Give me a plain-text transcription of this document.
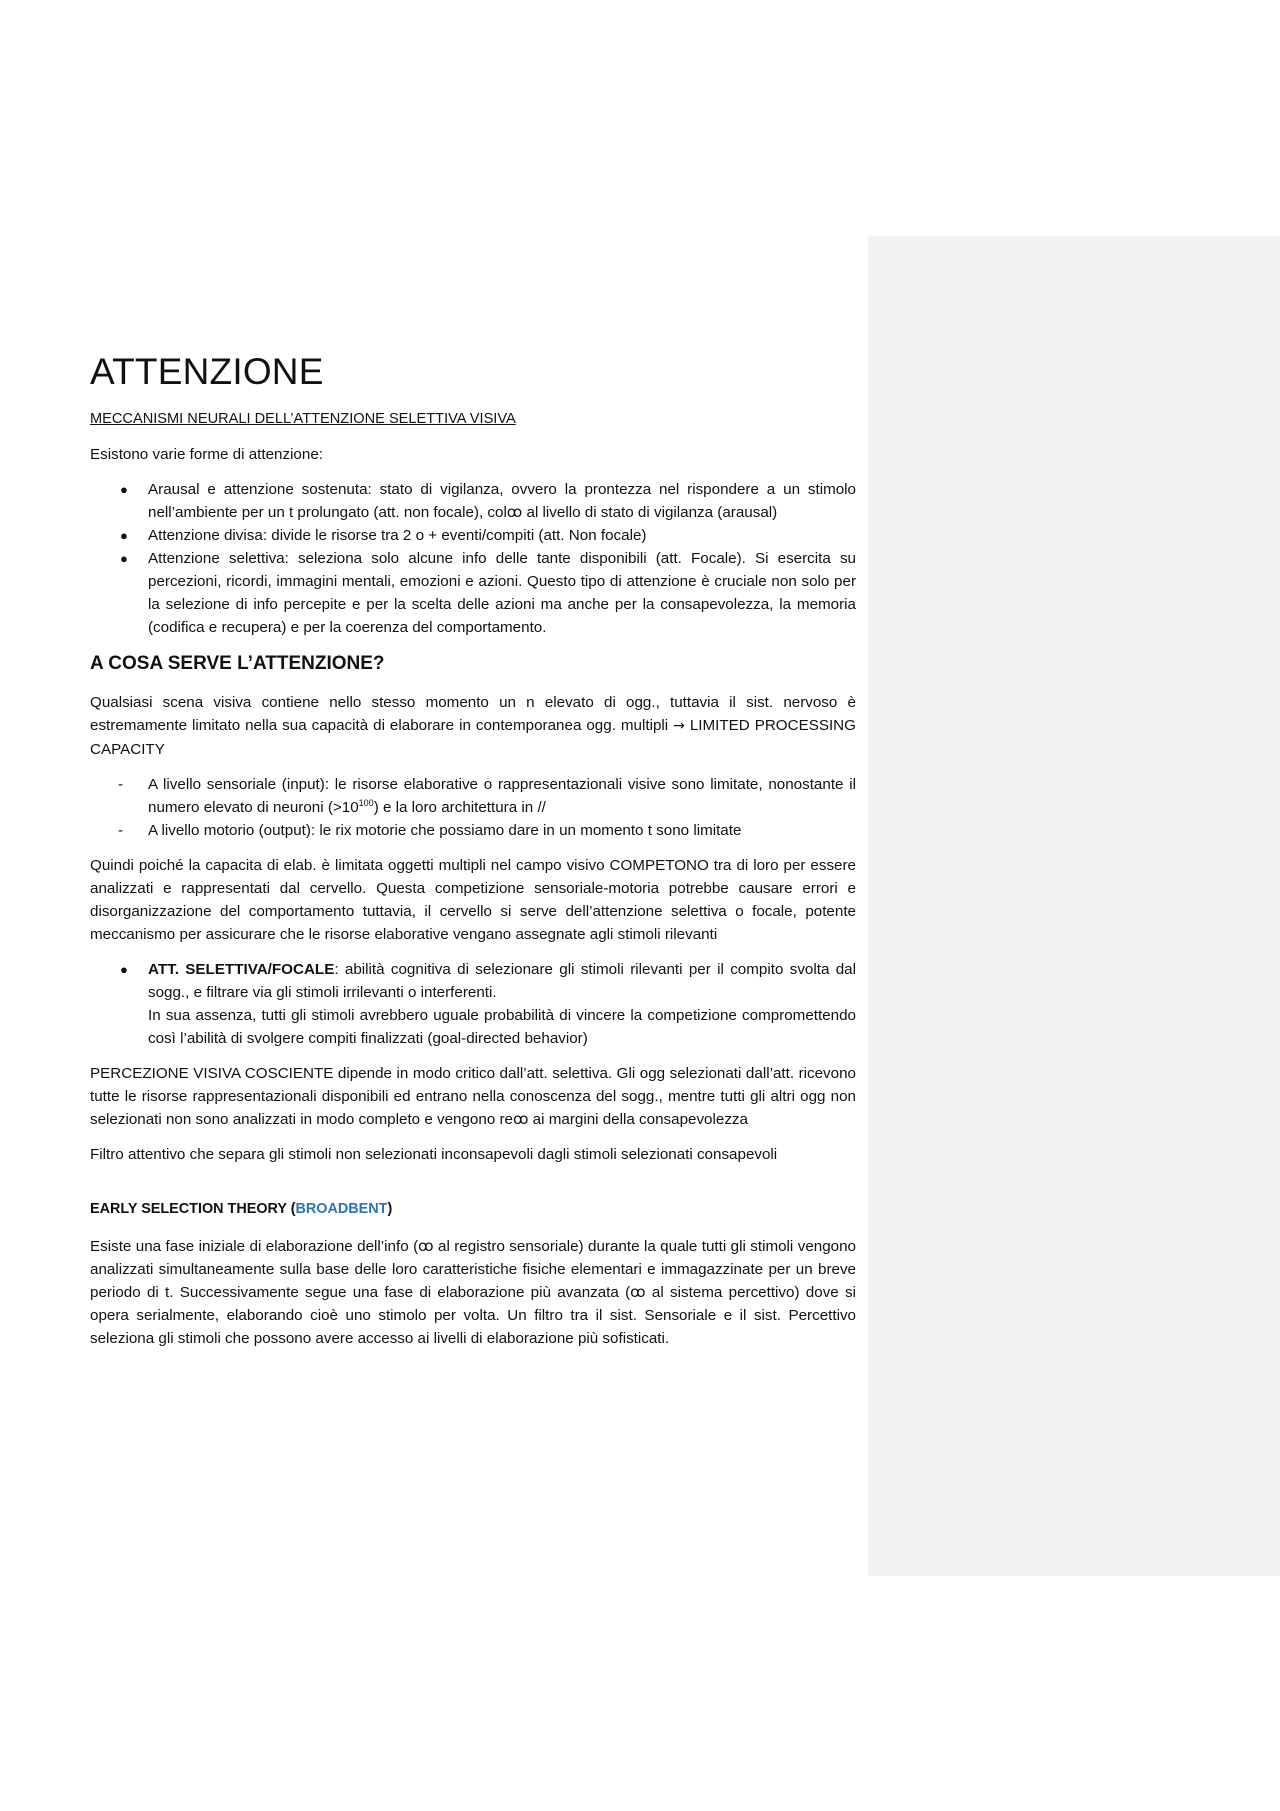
ATTENZIONE
MECCANISMI NEURALI DELL’ATTENZIONE SELETTIVA VISIVA

Esistono varie forme di attenzione:

● Arausal e attenzione sostenuta: stato di vigilanza, ovvero la prontezza nel rispondere a un stimolo nell’ambiente per un t prolungato (att. non focale), colꝏ al livello di stato di vigilanza (arausal)
● Attenzione divisa: divide le risorse tra 2 o + eventi/compiti (att. Non focale)
● Attenzione selettiva: seleziona solo alcune info delle tante disponibili (att. Focale). Si esercita su percezioni, ricordi, immagini mentali, emozioni e azioni. Questo tipo di attenzione è cruciale non solo per la selezione di info percepite e per la scelta delle azioni ma anche per la consapevolezza, la memoria (codifica e recupera) e per la coerenza del comportamento.
A COSA SERVE L’ATTENZIONE?

Qualsiasi scena visiva contiene nello stesso momento un n elevato di ogg., tuttavia il sist. nervoso è estremamente limitato nella sua capacità di elaborare in contemporanea ogg. multipli → LIMITED PROCESSING CAPACITY

- A livello sensoriale (input): le risorse elaborative o rappresentazionali visive sono limitate, nonostante il numero elevato di neuroni $(>10^{100})$ e la loro architettura in //
- A livello motorio (output): le rix motorie che possiamo dare in un momento t sono limitate

Quindi poiché la capacita di elab. è limitata oggetti multipli nel campo visivo COMPETONO tra di loro per essere analizzati e rappresentati dal cervello. Questa competizione sensoriale-motoria potrebbe causare errori e disorganizzazione del comportamento tuttavia, il cervello si serve dell’attenzione selettiva o focale, potente meccanismo per assicurare che le risorse elaborative vengano assegnate agli stimoli rilevanti

● ATT. SELETTIVA/FOCALE: abilità cognitiva di selezionare gli stimoli rilevanti per il compito svolta dal sogg., e filtrare via gli stimoli irrilevanti o interferenti.
In sua assenza, tutti gli stimoli avrebbero uguale probabilità di vincere la competizione compromettendo così l’abilità di svolgere compiti finalizzati (goal-directed behavior)

PERCEZIONE VISIVA COSCIENTE dipende in modo critico dall’att. selettiva. Gli ogg selezionati dall’att. ricevono tutte le risorse rappresentazionali disponibili ed entrano nella conoscenza del sogg., mentre tutti gli altri ogg non selezionati non sono analizzati in modo completo e vengono reꝏ ai margini della consapevolezza

Filtro attentivo che separa gli stimoli non selezionati inconsapevoli dagli stimoli selezionati consapevoli

EARLY SELECTION THEORY (BROADBENT)

Esiste una fase iniziale di elaborazione dell’info (ꝏ al registro sensoriale) durante la quale tutti gli stimoli vengono analizzati simultaneamente sulla base delle loro caratteristiche fisiche elementari e immagazzinate per un breve periodo di t. Successivamente segue una fase di elaborazione più avanzata (ꝏ al sistema percettivo) dove si opera serialmente, elaborando cioè uno stimolo per volta. Un filtro tra il sist. Sensoriale e il sist. Percettivo seleziona gli stimoli che possono avere accesso ai livelli di elaborazione più sofisticati.
